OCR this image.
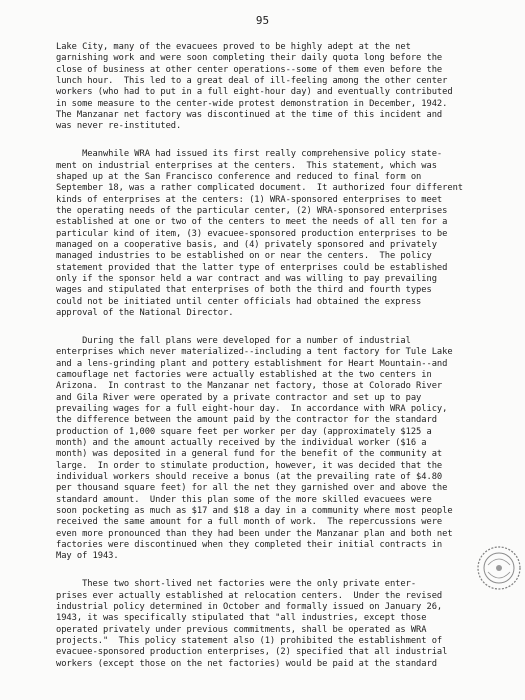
95
Lake City, many of the evacuees proved to be highly adept at the net
garnishing work and were soon completing their daily quota long before the
close of business at other center operations--some of them even before the
lunch hour.  This led to a great deal of ill-feeling among the other center
workers (who had to put in a full eight-hour day) and eventually contributed
in some measure to the center-wide protest demonstration in December, 1942.
The Manzanar net factory was discontinued at the time of this incident and
was never re-instituted.
Meanwhile WRA had issued its first really comprehensive policy state-
ment on industrial enterprises at the centers.  This statement, which was
shaped up at the San Francisco conference and reduced to final form on
September 18, was a rather complicated document.  It authorized four different
kinds of enterprises at the centers: (1) WRA-sponsored enterprises to meet
the operating needs of the particular center, (2) WRA-sponsored enterprises
established at one or two of the centers to meet the needs of all ten for a
particular kind of item, (3) evacuee-sponsored production enterprises to be
managed on a cooperative basis, and (4) privately sponsored and privately
managed industries to be established on or near the centers.  The policy
statement provided that the latter type of enterprises could be established
only if the sponsor held a war contract and was willing to pay prevailing
wages and stipulated that enterprises of both the third and fourth types
could not be initiated until center officials had obtained the express
approval of the National Director.
During the fall plans were developed for a number of industrial
enterprises which never materialized--including a tent factory for Tule Lake
and a lens-grinding plant and pottery establishment for Heart Mountain--and
camouflage net factories were actually established at the two centers in
Arizona.  In contrast to the Manzanar net factory, those at Colorado River
and Gila River were operated by a private contractor and set up to pay
prevailing wages for a full eight-hour day.  In accordance with WRA policy,
the difference between the amount paid by the contractor for the standard
production of 1,000 square feet per worker per day (approximately $125 a
month) and the amount actually received by the individual worker ($16 a
month) was deposited in a general fund for the benefit of the community at
large.  In order to stimulate production, however, it was decided that the
individual workers should receive a bonus (at the prevailing rate of $4.80
per thousand square feet) for all the net they garnished over and above the
standard amount.  Under this plan some of the more skilled evacuees were
soon pocketing as much as $17 and $18 a day in a community where most people
received the same amount for a full month of work.  The repercussions were
even more pronounced than they had been under the Manzanar plan and both net
factories were discontinued when they completed their initial contracts in
May of 1943.
These two short-lived net factories were the only private enter-
prises ever actually established at relocation centers.  Under the revised
industrial policy determined in October and formally issued on January 26,
1943, it was specifically stipulated that "all industries, except those
operated privately under previous commitments, shall be operated as WRA
projects."  This policy statement also (1) prohibited the establishment of
evacuee-sponsored production enterprises, (2) specified that all industrial
workers (except those on the net factories) would be paid at the standard
